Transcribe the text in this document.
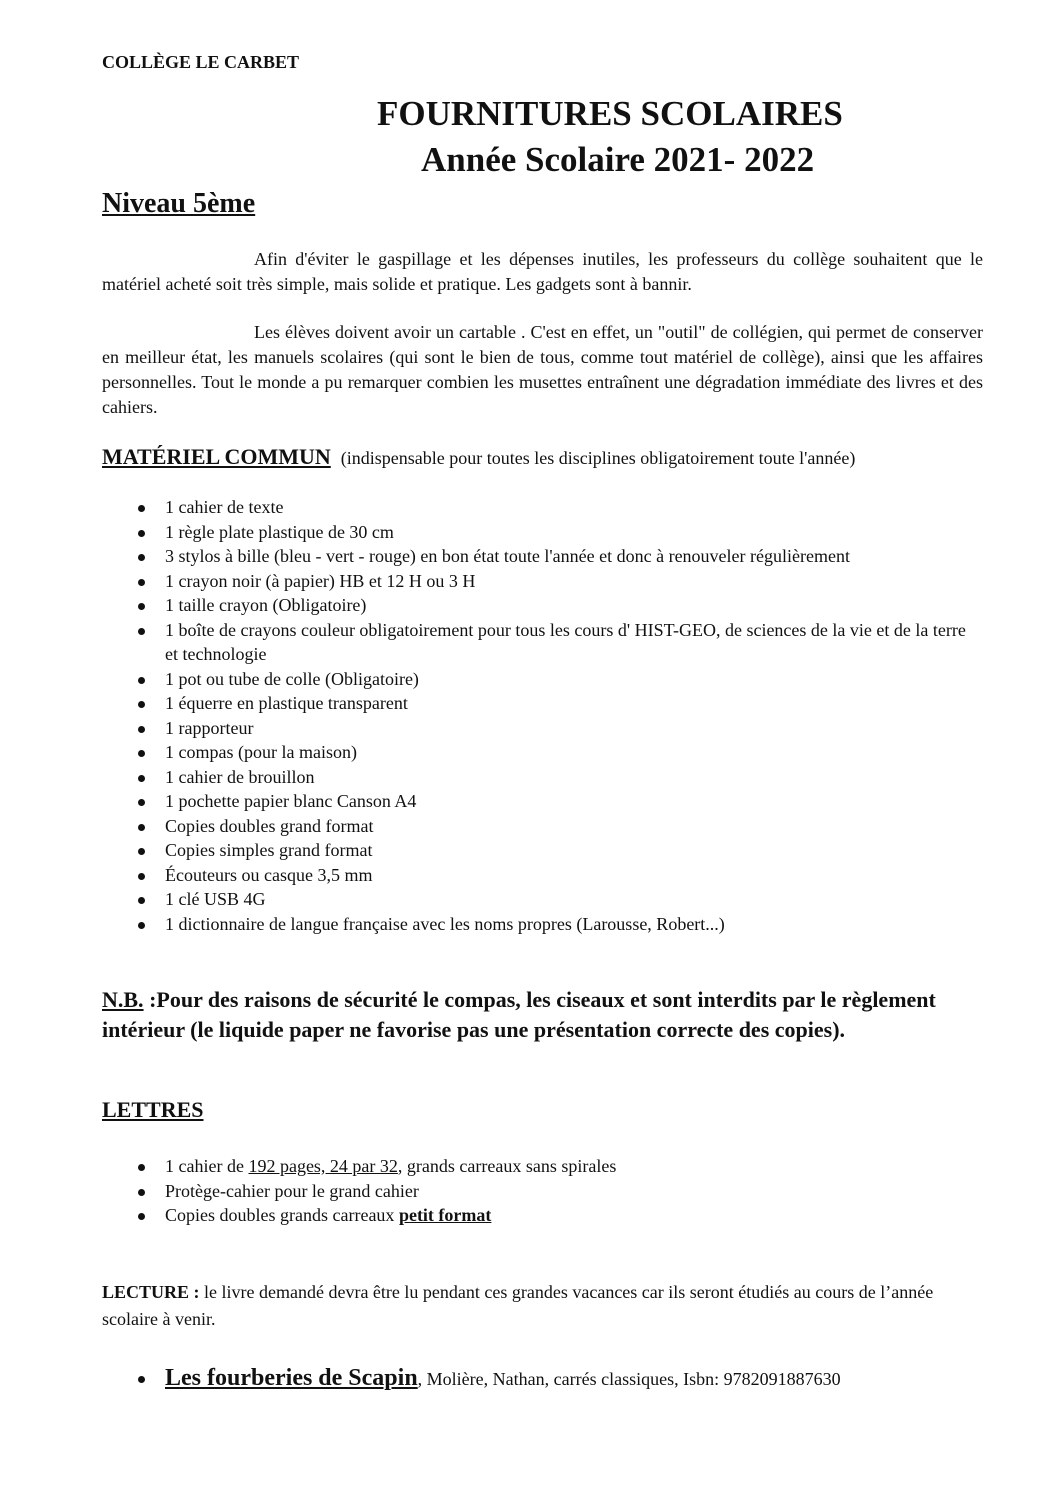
COLLÈGE LE CARBET
FOURNITURES SCOLAIRES
Année Scolaire 2021- 2022
Niveau 5ème

Afin d'éviter le gaspillage et les dépenses inutiles, les professeurs du collège souhaitent que le matériel acheté soit très simple, mais solide et pratique. Les gadgets sont à bannir.

Les élèves doivent avoir un cartable . C'est en effet, un "outil" de collégien, qui permet de conserver en meilleur état, les manuels scolaires (qui sont le bien de tous, comme tout matériel de collège), ainsi que les affaires personnelles. Tout le monde a pu remarquer combien les musettes entraînent une dégradation immédiate des livres et des cahiers.

MATÉRIEL COMMUN (indispensable pour toutes les disciplines obligatoirement toute l'année)
1 cahier de texte
1 règle plate plastique de 30 cm
3 stylos à bille (bleu - vert - rouge) en bon état toute l'année et donc à renouveler régulièrement
1 crayon noir (à papier) HB et 12 H ou 3 H
1 taille crayon (Obligatoire)
1 boîte de crayons couleur obligatoirement pour tous les cours d' HIST-GEO, de sciences de la vie et de la terre et technologie
1 pot ou tube de colle (Obligatoire)
1 équerre en plastique transparent
1 rapporteur
1 compas (pour la maison)
1 cahier de brouillon
1 pochette papier blanc Canson A4
Copies doubles grand format
Copies simples grand format
Écouteurs ou casque 3,5 mm
1 clé USB 4G
1 dictionnaire de langue française avec les noms propres (Larousse, Robert...)
N.B. :Pour des raisons de sécurité le compas, les ciseaux et sont interdits par le règlement intérieur (le liquide paper ne favorise pas une présentation correcte des copies).
LETTRES
1 cahier de 192 pages, 24 par 32, grands carreaux sans spirales
Protège-cahier pour le grand cahier
Copies doubles grands carreaux petit format
LECTURE : le livre demandé devra être lu pendant ces grandes vacances car ils seront étudiés au cours de l’année scolaire à venir.
Les fourberies de Scapin, Molière, Nathan, carrés classiques, Isbn: 9782091887630
